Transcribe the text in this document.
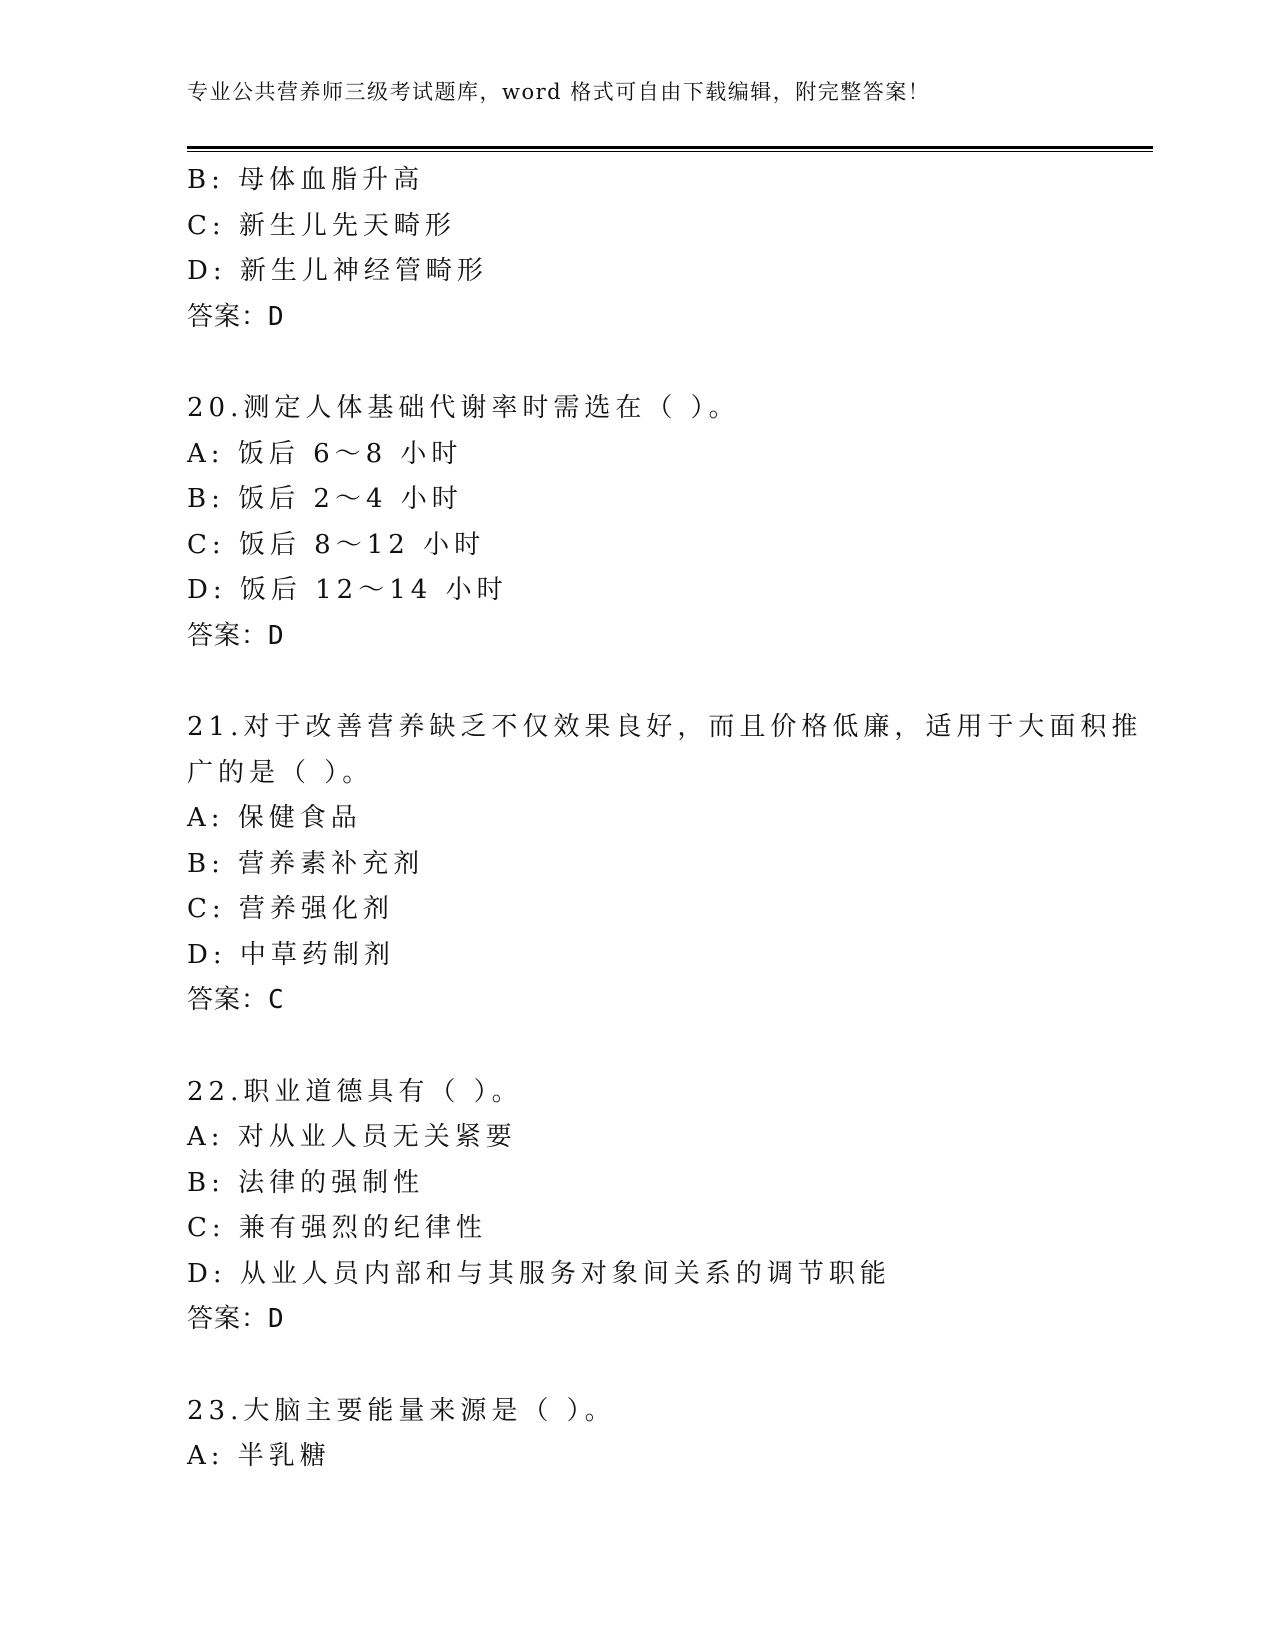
专业公共营养师三级考试题库，word 格式可自由下载编辑，附完整答案！
B: 母体血脂升高
C: 新生儿先天畸形
D: 新生儿神经管畸形
答案：D
20.测定人体基础代谢率时需选在（ ）。
A: 饭后 6～8 小时
B: 饭后 2～4 小时
C: 饭后 8～12 小时
D: 饭后 12～14 小时
答案：D
21.对于改善营养缺乏不仅效果良好，而且价格低廉，适用于大面积推
广的是（ ）。
A: 保健食品
B: 营养素补充剂
C: 营养强化剂
D: 中草药制剂
答案：C
22.职业道德具有（ ）。
A: 对从业人员无关紧要
B: 法律的强制性
C: 兼有强烈的纪律性
D: 从业人员内部和与其服务对象间关系的调节职能
答案：D
23.大脑主要能量来源是（ ）。
A: 半乳糖
